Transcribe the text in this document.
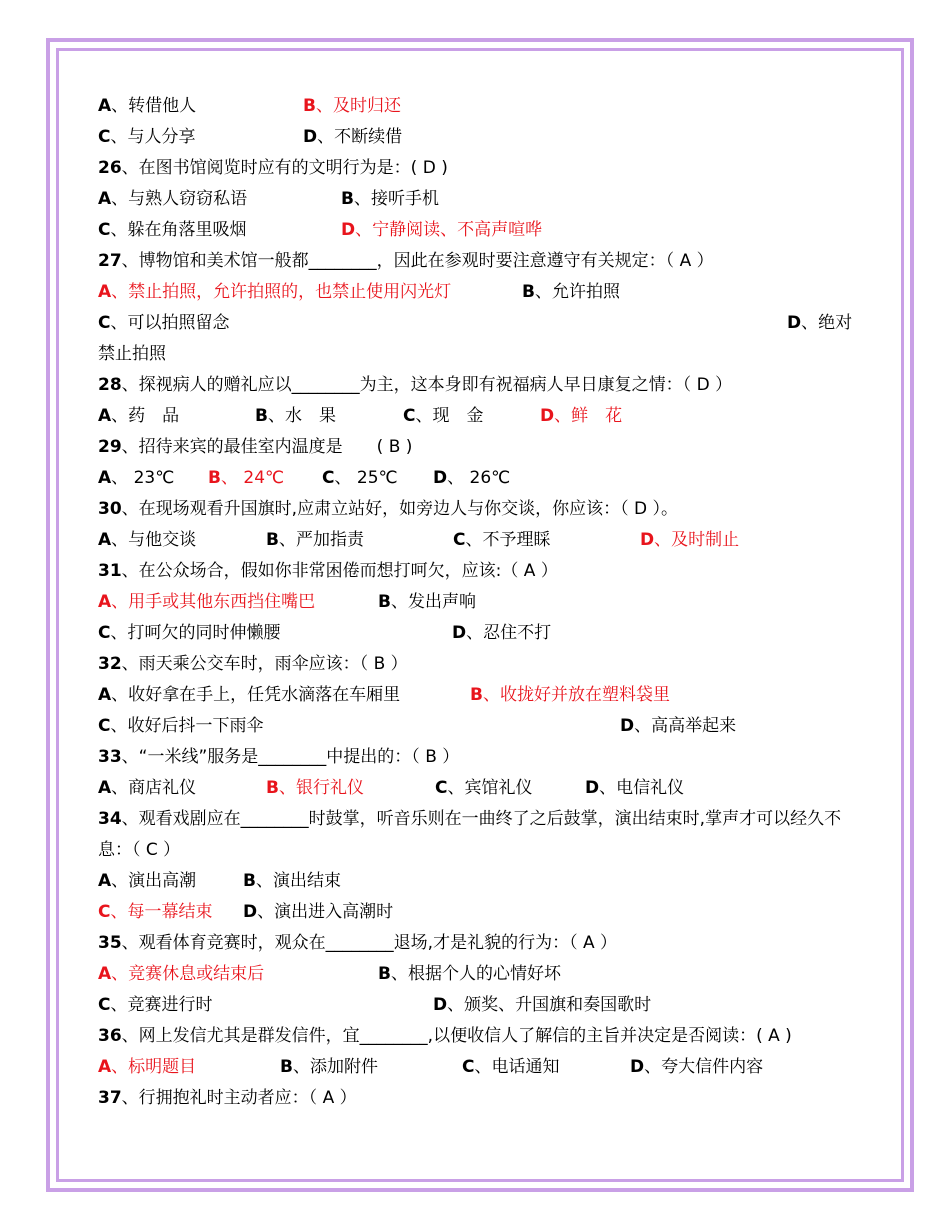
A、转借他人	B、及时归还
C、与人分享	D、不断续借
26、在图书馆阅览时应有的文明行为是：( D )
A、与熟人窃窃私语	B、接听手机
C、躲在角落里吸烟	D、宁静阅读、不高声喧哗
27、博物馆和美术馆一般都________，因此在参观时要注意遵守有关规定：（ A ）
A、禁止拍照，允许拍照的，也禁止使用闪光灯	B、允许拍照
C、可以拍照留念	D、绝对
禁止拍照
28、探视病人的赠礼应以________为主，这本身即有祝福病人早日康复之情：（ D ）
A、药　品	B、水　果	C、现　金	D、鲜　花
29、招待来宾的最佳室内温度是　　( B )
A、 23℃ B、 24℃ C、 25℃ D、 26℃
30、在现场观看升国旗时,应肃立站好，如旁边人与你交谈，你应该：（ D ）。
A、与他交谈	B、严加指责	C、不予理睬	D、及时制止
31、在公众场合，假如你非常困倦而想打呵欠，应该:（ A ）
A、用手或其他东西挡住嘴巴	B、发出声响
C、打呵欠的同时伸懒腰	D、忍住不打
32、雨天乘公交车时，雨伞应该：（ B ）
A、收好拿在手上，任凭水滴落在车厢里	B、收拢好并放在塑料袋里
C、收好后抖一下雨伞	D、高高举起来
33、“一米线”服务是________中提出的：（ B ）
A、商店礼仪	B、银行礼仪	C、宾馆礼仪	D、电信礼仪
34、观看戏剧应在________时鼓掌，听音乐则在一曲终了之后鼓掌，演出结束时,掌声才可以经久不息：（ C ）
A、演出高潮	B、演出结束
C、每一幕结束 D、演出进入高潮时
35、观看体育竞赛时，观众在________退场,才是礼貌的行为：（ A ）
A、竞赛休息或结束后	B、根据个人的心情好坏
C、竞赛进行时	D、颁奖、升国旗和奏国歌时
36、网上发信尤其是群发信件，宜________,以便收信人了解信的主旨并决定是否阅读：( A )
A、标明题目	B、添加附件	C、电话通知	D、夸大信件内容
37、行拥抱礼时主动者应：（ A ）
